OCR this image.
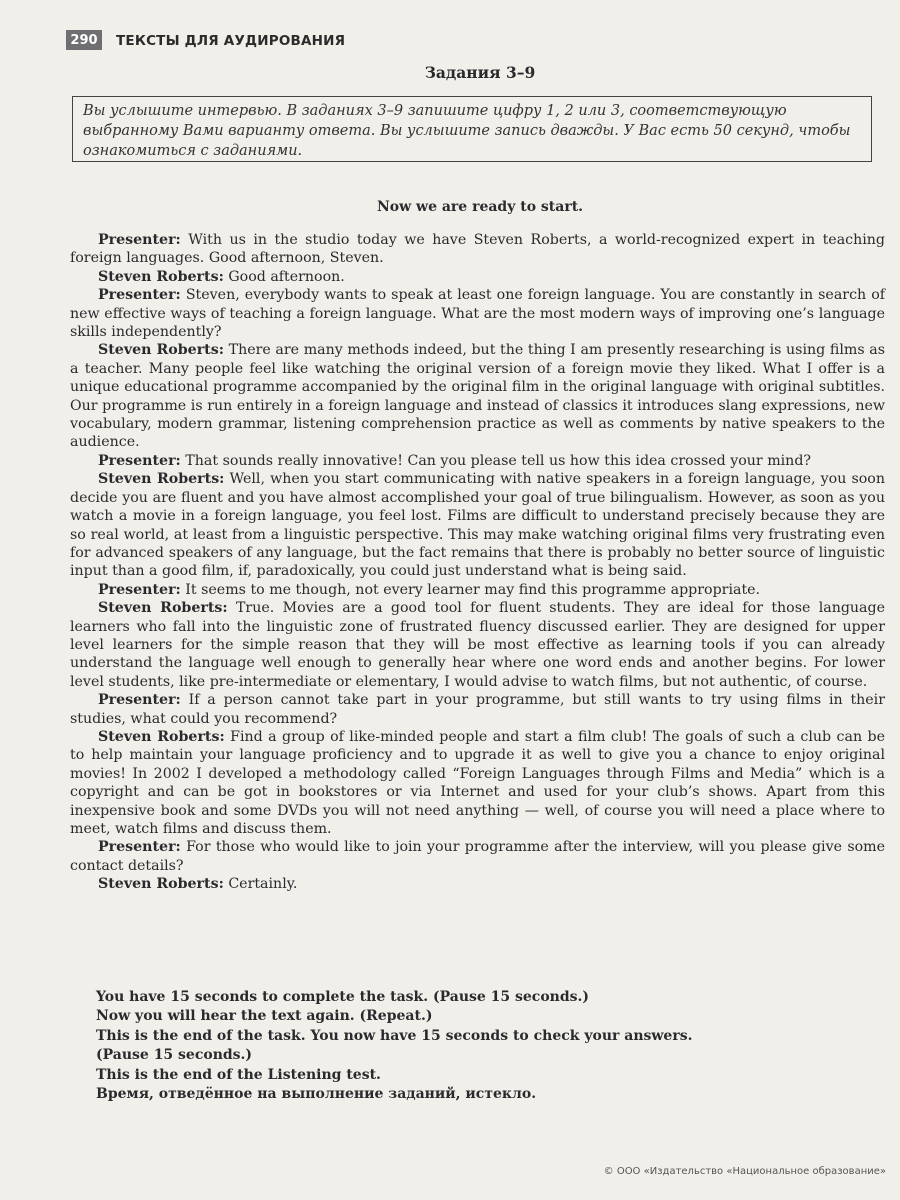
290	ТЕКСТЫ ДЛЯ АУДИРОВАНИЯ
Задания 3–9
Вы услышите интервью. В заданиях 3–9 запишите цифру 1, 2 или 3, соответствующую выбранному Вами варианту ответа. Вы услышите запись дважды. У Вас есть 50 секунд, чтобы ознакомиться с заданиями.
Now we are ready to start.

Presenter: With us in the studio today we have Steven Roberts, a world-recognized expert in teaching foreign languages. Good afternoon, Steven.

Steven Roberts: Good afternoon.

Presenter: Steven, everybody wants to speak at least one foreign language. You are constantly in search of new effective ways of teaching a foreign language. What are the most modern ways of improving one’s language skills independently?

Steven Roberts: There are many methods indeed, but the thing I am presently researching is using films as a teacher. Many people feel like watching the original version of a foreign movie they liked. What I offer is a unique educational programme accompanied by the original film in the original language with original subtitles. Our programme is run entirely in a foreign language and instead of classics it introduces slang expressions, new vocabulary, modern grammar, listening comprehension practice as well as comments by native speakers to the audience.

Presenter: That sounds really innovative! Can you please tell us how this idea crossed your mind?

Steven Roberts: Well, when you start communicating with native speakers in a foreign language, you soon decide you are fluent and you have almost accomplished your goal of true bilingualism. However, as soon as you watch a movie in a foreign language, you feel lost. Films are difficult to understand precisely because they are so real world, at least from a linguistic perspective. This may make watching original films very frustrating even for advanced speakers of any language, but the fact remains that there is probably no better source of linguistic input than a good film, if, paradoxically, you could just understand what is being said.

Presenter: It seems to me though, not every learner may find this programme appropriate.

Steven Roberts: True. Movies are a good tool for fluent students. They are ideal for those language learners who fall into the linguistic zone of frustrated fluency discussed earlier. They are designed for upper level learners for the simple reason that they will be most effective as learning tools if you can already understand the language well enough to generally hear where one word ends and another begins. For lower level students, like pre-intermediate or elementary, I would advise to watch films, but not authentic, of course.

Presenter: If a person cannot take part in your programme, but still wants to try using films in their studies, what could you recommend?

Steven Roberts: Find a group of like-minded people and start a film club! The goals of such a club can be to help maintain your language proficiency and to upgrade it as well to give you a chance to enjoy original movies! In 2002 I developed a methodology called “Foreign Languages through Films and Media” which is a copyright and can be got in bookstores or via Internet and used for your club’s shows. Apart from this inexpensive book and some DVDs you will not need anything — well, of course you will need a place where to meet, watch films and discuss them.

Presenter: For those who would like to join your programme after the interview, will you please give some contact details?

Steven Roberts: Certainly.

You have 15 seconds to complete the task. (Pause 15 seconds.)

Now you will hear the text again. (Repeat.)

This is the end of the task. You now have 15 seconds to check your answers.

(Pause 15 seconds.)

This is the end of the Listening test.

Время, отведённое на выполнение заданий, истекло.

© ООО «Издательство «Национальное образование»
